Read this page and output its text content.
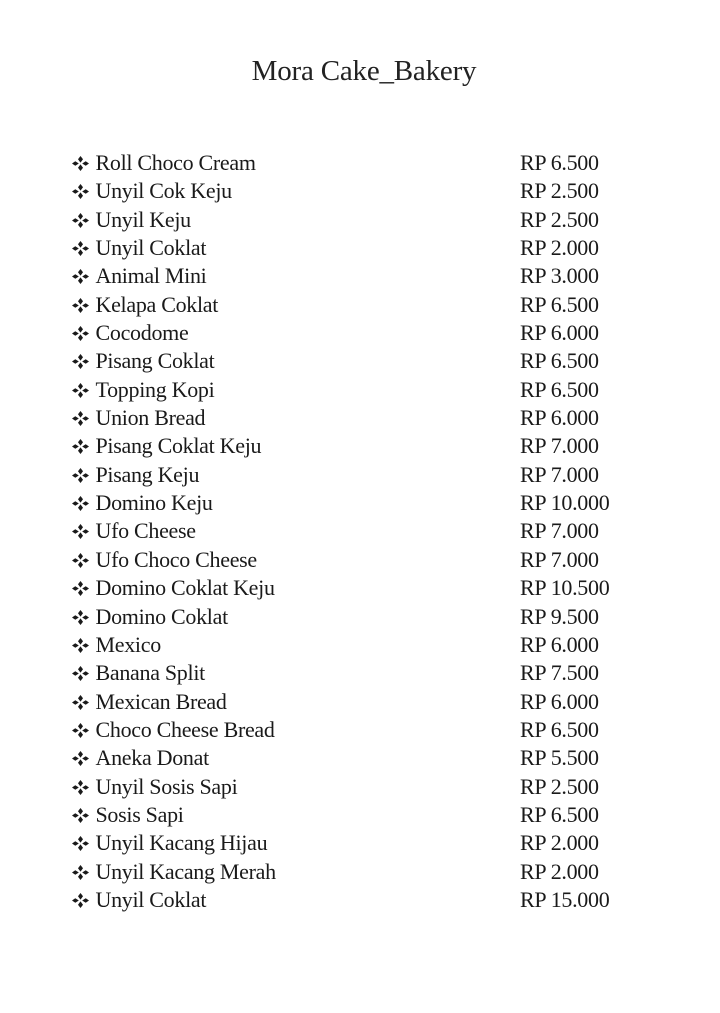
Mora Cake_Bakery
Roll Choco Cream	RP 6.500
Unyil Cok Keju	RP 2.500
Unyil Keju	RP 2.500
Unyil Coklat	RP 2.000
Animal Mini	RP 3.000
Kelapa Coklat	RP 6.500
Cocodome	RP 6.000
Pisang Coklat	RP 6.500
Topping Kopi	RP 6.500
Union Bread	RP 6.000
Pisang Coklat Keju	RP 7.000
Pisang Keju	RP 7.000
Domino Keju	RP 10.000
Ufo Cheese	RP 7.000
Ufo Choco Cheese	RP 7.000
Domino Coklat Keju	RP 10.500
Domino Coklat	RP 9.500
Mexico	RP 6.000
Banana Split	RP 7.500
Mexican Bread	RP 6.000
Choco Cheese Bread	RP 6.500
Aneka Donat	RP 5.500
Unyil Sosis Sapi	RP 2.500
Sosis Sapi	RP 6.500
Unyil Kacang Hijau	RP 2.000
Unyil Kacang Merah	RP 2.000
Unyil Coklat	RP 15.000
